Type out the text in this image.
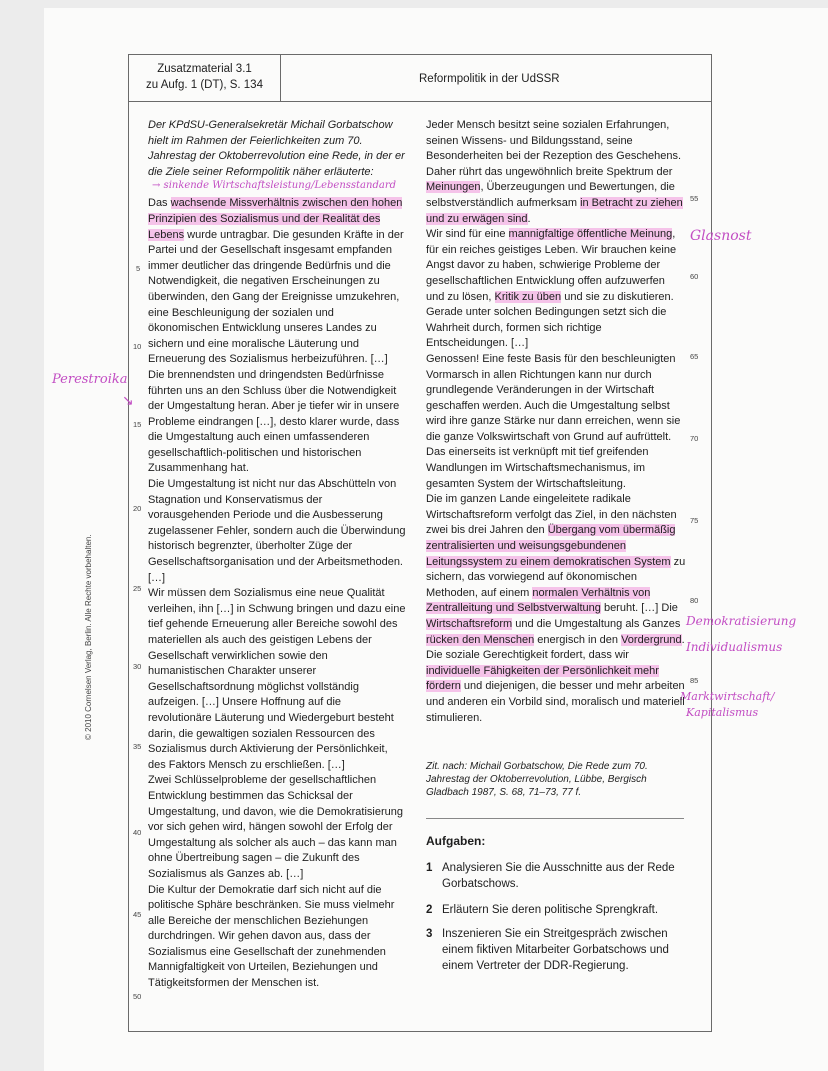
Zusatzmaterial 3.1
zu Aufg. 1 (DT), S. 134	Reformpolitik in der UdSSR
© 2010 Cornelsen Verlag, Berlin. Alle Rechte vorbehalten.
Perestroika
↘
Glasnost
→ sinkende Wirtschaftsleistung/Lebensstandard
Demokratisierung
Individualismus
Marktwirtschaft/
Kapitalismus
5
10
15
20
25
30
35
40
45
50
55
60
65
70
75
80
85

Der KPdSU-Generalsekretär Michail Gorbatschow hielt im Rahmen der Feierlichkeiten zum 70. Jahrestag der Oktoberrevolution eine Rede, in der er die Ziele seiner Reformpolitik näher erläuterte:

Das wachsende Missverhältnis zwischen den hohen Prinzipien des Sozialismus und der Realität des Lebens wurde untragbar. Die gesunden Kräfte in der Partei und der Gesellschaft insgesamt empfanden immer deutlicher das dringende Bedürfnis und die Notwendigkeit, die negativen Erscheinungen zu überwinden, den Gang der Ereignisse umzukehren, eine Beschleunigung der sozialen und ökonomischen Entwicklung unseres Landes zu sichern und eine moralische Läuterung und Erneuerung des Sozialismus herbeizuführen. […] Die brennendsten und dringendsten Bedürfnisse führten uns an den Schluss über die Notwendigkeit der Umgestaltung heran. Aber je tiefer wir in unsere Probleme eindrangen […], desto klarer wurde, dass die Umgestaltung auch einen umfassenderen gesellschaftlich-politischen und historischen Zusammenhang hat.

Die Umgestaltung ist nicht nur das Abschütteln von Stagnation und Konservatismus der vorausgehenden Periode und die Ausbesserung zugelassener Fehler, sondern auch die Überwindung historisch begrenzter, überholter Züge der Gesellschaftsorganisation und der Arbeitsmethoden. […]

Wir müssen dem Sozialismus eine neue Qualität verleihen, ihn […] in Schwung bringen und dazu eine tief gehende Erneuerung aller Bereiche sowohl des materiellen als auch des geistigen Lebens der Gesellschaft verwirklichen sowie den humanistischen Charakter unserer Gesellschaftsordnung möglichst vollständig aufzeigen. […] Unsere Hoffnung auf die revolutionäre Läuterung und Wiedergeburt besteht darin, die gewaltigen sozialen Ressourcen des Sozialismus durch Aktivierung der Persönlichkeit, des Faktors Mensch zu erschließen. […]

Zwei Schlüsselprobleme der gesellschaftlichen Entwicklung bestimmen das Schicksal der Umgestaltung, und davon, wie die Demokratisierung vor sich gehen wird, hängen sowohl der Erfolg der Umgestaltung als solcher als auch – das kann man ohne Übertreibung sagen – die Zukunft des Sozialismus als Ganzes ab. […]

Die Kultur der Demokratie darf sich nicht auf die politische Sphäre beschränken. Sie muss vielmehr alle Bereiche der menschlichen Beziehungen durchdringen. Wir gehen davon aus, dass der Sozialismus eine Gesellschaft der zunehmenden Mannigfaltigkeit von Urteilen, Beziehungen und Tätigkeitsformen der Menschen ist.

Jeder Mensch besitzt seine sozialen Erfahrungen, seinen Wissens- und Bildungsstand, seine Besonderheiten bei der Rezeption des Geschehens. Daher rührt das ungewöhnlich breite Spektrum der Meinungen, Überzeugungen und Bewertungen, die selbstverständlich aufmerksam in Betracht zu ziehen und zu erwägen sind.

Wir sind für eine mannigfaltige öffentliche Meinung, für ein reiches geistiges Leben. Wir brauchen keine Angst davor zu haben, schwierige Probleme der gesellschaftlichen Entwicklung offen aufzuwerfen und zu lösen, Kritik zu üben und sie zu diskutieren. Gerade unter solchen Bedingungen setzt sich die Wahrheit durch, formen sich richtige Entscheidungen. […]

Genossen! Eine feste Basis für den beschleunigten Vormarsch in allen Richtungen kann nur durch grundlegende Veränderungen in der Wirtschaft geschaffen werden. Auch die Umgestaltung selbst wird ihre ganze Stärke nur dann erreichen, wenn sie die ganze Volkswirtschaft von Grund auf aufrüttelt. Das einerseits ist verknüpft mit tief greifenden Wandlungen im Wirtschaftsmechanismus, im gesamten System der Wirtschaftsleitung.

Die im ganzen Lande eingeleitete radikale Wirtschaftsreform verfolgt das Ziel, in den nächsten zwei bis drei Jahren den Übergang vom übermäßig zentralisierten und weisungsgebundenen Leitungssystem zu einem demokratischen System zu sichern, das vorwiegend auf ökonomischen Methoden, auf einem normalen Verhältnis von Zentralleitung und Selbstverwaltung beruht. […] Die Wirtschaftsreform und die Umgestaltung als Ganzes rücken den Menschen energisch in den Vordergrund. Die soziale Gerechtigkeit fordert, dass wir individuelle Fähigkeiten der Persönlichkeit mehr fördern und diejenigen, die besser und mehr arbeiten und anderen ein Vorbild sind, moralisch und materiell stimulieren.

Zit. nach: Michail Gorbatschow, Die Rede zum 70. Jahrestag der Oktoberrevolution, Lübbe, Bergisch Gladbach 1987, S. 68, 71–73, 77 f.
Aufgaben:
1 Analysieren Sie die Ausschnitte aus der Rede Gorbatschows.
2 Erläutern Sie deren politische Sprengkraft.
3 Inszenieren Sie ein Streitgespräch zwischen einem fiktiven Mitarbeiter Gorbatschows und einem Vertreter der DDR-Regierung.
